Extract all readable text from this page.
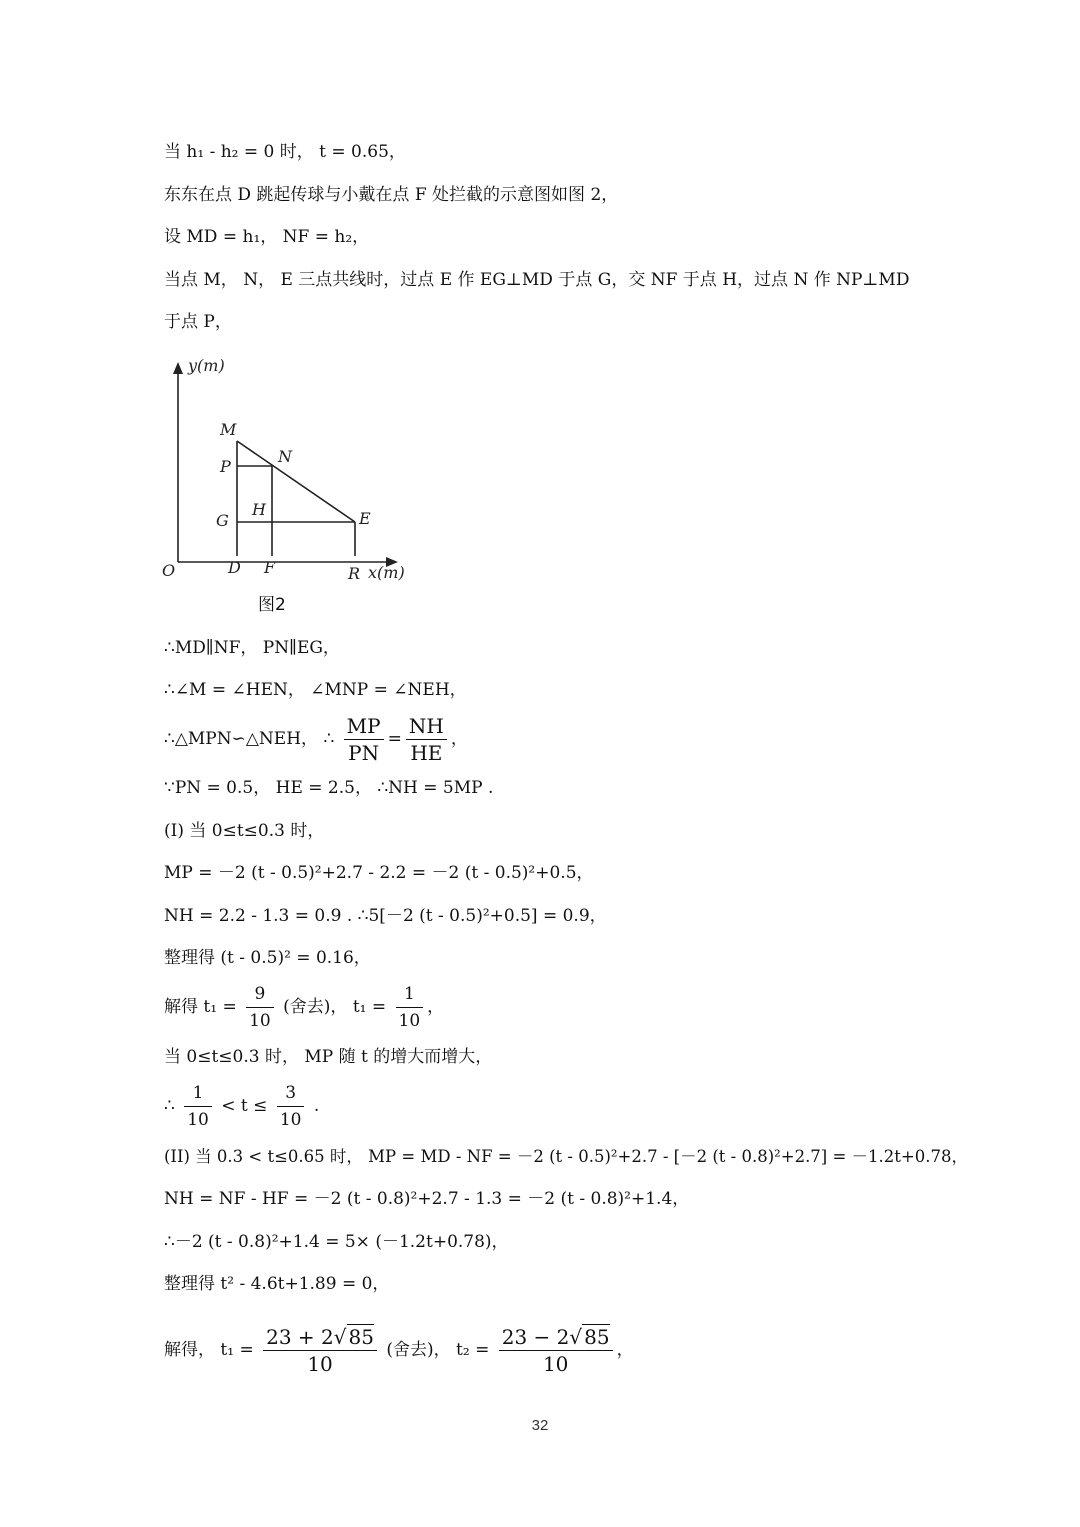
当 h₁ - h₂ = 0 时， t = 0.65，
东东在点 D 跳起传球与小戴在点 F 处拦截的示意图如图 2，
设 MD = h₁， NF = h₂，
当点 M， N， E 三点共线时，过点 E 作 EG⊥MD 于点 G，交 NF 于点 H，过点 N 作 NP⊥MD
于点 P，
y(m)
x(m)
O
M
N
P
G
H	E
D F	R
图2
∴MD∥NF， PN∥EG，
∴∠M = ∠HEN， ∠MNP = ∠NEH，
∴△MPN∽△NEH， ∴ $\frac{MP}{PN} = \frac{NH}{HE}$ ，
∵PN = 0.5， HE = 2.5， ∴NH = 5MP .
(I) 当 0≤t≤0.3 时，
MP = －2 (t - 0.5)²+2.7 - 2.2 = －2 (t - 0.5)²+0.5，
NH = 2.2 - 1.3 = 0.9 . ∴5[－2 (t - 0.5)²+0.5] = 0.9，
整理得 (t - 0.5)² = 0.16，
解得 $t_1 = \frac{9}{10}$ (舍去)， $t_1 = \frac{1}{10}$ ，
当 0≤t≤0.3 时， MP 随 t 的增大而增大，
∴ $\frac{1}{10} < t \le \frac{3}{10}$ .
(II) 当 0.3 < t≤0.65 时， MP = MD - NF = －2 (t - 0.5)²+2.7 - [－2 (t - 0.8)²+2.7] = －1.2t+0.78，
NH = NF - HF = －2 (t - 0.8)²+2.7 - 1.3 = －2 (t - 0.8)²+1.4，
∴－2 (t - 0.8)²+1.4 = 5× (－1.2t+0.78)，
整理得 t² - 4.6t+1.89 = 0，
解得， $t_1 = \frac{23 + 2√ 85}{10}$ (舍去)， $t_2 = \frac{23 - 2√ 85}{10}$ ，
32
